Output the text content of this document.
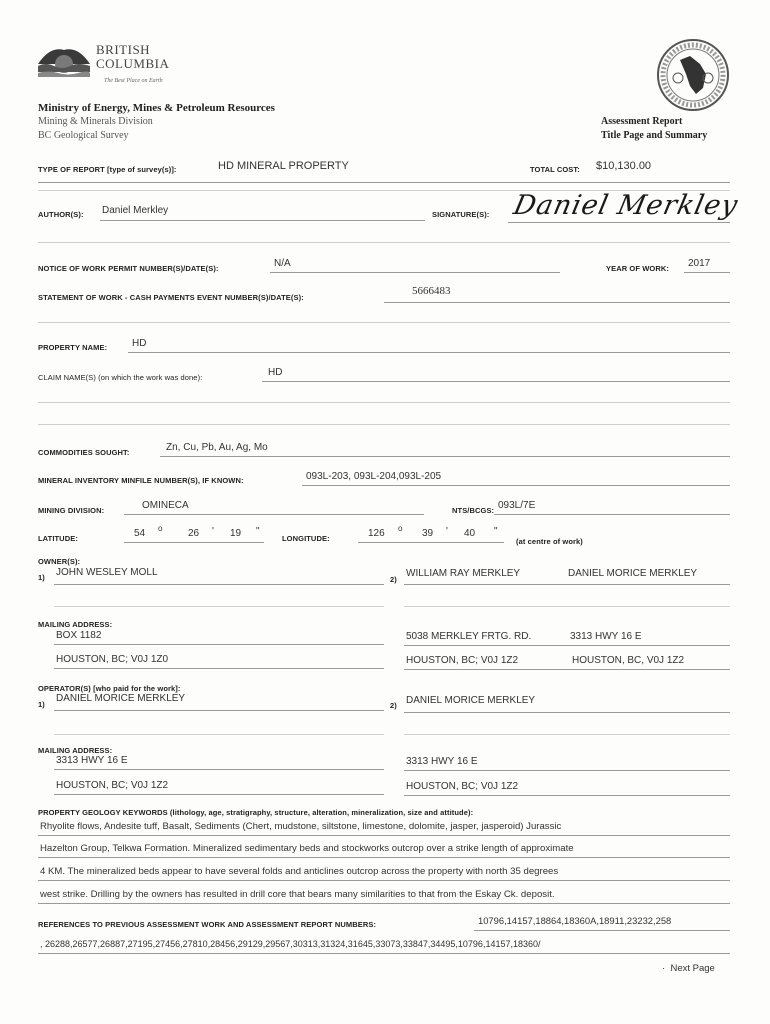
BRITISH
COLUMBIA
The Best Place on Earth
Ministry of Energy, Mines & Petroleum Resources
Mining & Minerals Division
BC Geological Survey
Assessment Report
Title Page and Summary
TYPE OF REPORT [type of survey(s)]:	HD MINERAL PROPERTY	TOTAL COST: $10,130.00
AUTHOR(S): Daniel Merkley	SIGNATURE(S): Daniel Merkley
NOTICE OF WORK PERMIT NUMBER(S)/DATE(S):	N/A	YEAR OF WORK: 2017
STATEMENT OF WORK - CASH PAYMENTS EVENT NUMBER(S)/DATE(S):
5666483
PROPERTY NAME: HD
CLAIM NAME(S) (on which the work was done):	HD
COMMODITIES SOUGHT:	Zn, Cu, Pb, Au, Ag, Mo
MINERAL INVENTORY MINFILE NUMBER(S), IF KNOWN:	093L-203, 093L-204,093L-205
MINING DIVISION:	OMINECA	NTS/BCGS: 093L/7E
LATITUDE:	54 o	26 ' 19 "
LONGITUDE:	126 o 39 ' 40 "
(at centre of work)
OWNER(S):
1) JOHN WESLEY MOLL
2)
WILLIAM RAY MERKLEY	DANIEL MORICE MERKLEY
MAILING ADDRESS:
BOX 1182	5038 MERKLEY FRTG. RD.	3313 HWY 16 E
HOUSTON, BC; V0J 1Z0	HOUSTON, BC; V0J 1Z2	HOUSTON, BC, V0J 1Z2
OPERATOR(S) [who paid for the work]:
1)
DANIEL MORICE MERKLEY
2) DANIEL MORICE MERKLEY
MAILING ADDRESS:
3313 HWY 16 E	3313 HWY 16 E
HOUSTON, BC; V0J 1Z2	HOUSTON, BC; V0J 1Z2
PROPERTY GEOLOGY KEYWORDS (lithology, age, stratigraphy, structure, alteration, mineralization, size and attitude):
Rhyolite flows, Andesite tuff, Basalt, Sediments (Chert, mudstone, siltstone, limestone, dolomite, jasper, jasperoid) Jurassic
Hazelton Group, Telkwa Formation. Mineralized sedimentary beds and stockworks outcrop over a strike length of approximate
4 KM. The mineralized beds appear to have several folds and anticlines outcrop across the property with north 35 degrees
west strike. Drilling by the owners has resulted in drill core that bears many similarities to that from the Eskay Ck. deposit.
REFERENCES TO PREVIOUS ASSESSMENT WORK AND ASSESSMENT REPORT NUMBERS:	10796,14157,18864,18360A,18911,23232,258
, 26288,26577,26887,27195,27456,27810,28456,29129,29567,30313,31324,31645,33073,33847,34495,10796,14157,18360/
·  Next Page
